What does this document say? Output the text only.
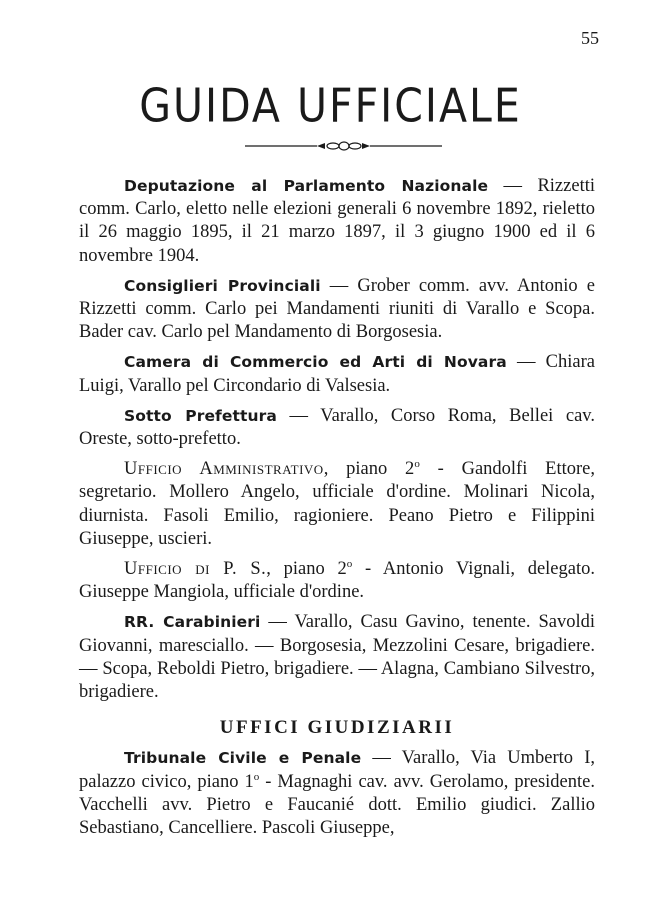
55
GUIDA UFFICIALE

Deputazione al Parlamento Nazionale — Rizzetti comm. Carlo, eletto nelle elezioni generali 6 novembre 1892, rieletto il 26 maggio 1895, il 21 marzo 1897, il 3 giugno 1900 ed il 6 novembre 1904.

Consiglieri Provinciali — Grober comm. avv. Antonio e Rizzetti comm. Carlo pei Mandamenti riuniti di Varallo e Scopa. Bader cav. Carlo pel Mandamento di Borgosesia.

Camera di Commercio ed Arti di Novara — Chiara Luigi, Varallo pel Circondario di Valsesia.

Sotto Prefettura — Varallo, Corso Roma, Bellei cav. Oreste, sotto-prefetto.

Ufficio Amministrativo, piano 2$^o$ - Gandolfi Ettore, segretario. Mollero Angelo, ufficiale d'ordine. Molinari Nicola, diurnista. Fasoli Emilio, ragioniere. Peano Pietro e Filippini Giuseppe, uscieri.

Ufficio di P. S., piano 2$^o$ - Antonio Vignali, delegato. Giuseppe Mangiola, ufficiale d'ordine.

RR. Carabinieri — Varallo, Casu Gavino, tenente. Savoldi Giovanni, maresciallo. — Borgosesia, Mezzolini Cesare, brigadiere. — Scopa, Reboldi Pietro, brigadiere. — Alagna, Cambiano Silvestro, brigadiere.

UFFICI GIUDIZIARII

Tribunale Civile e Penale — Varallo, Via Umberto I, palazzo civico, piano 1$^o$ - Magnaghi cav. avv. Gerolamo, presidente. Vacchelli avv. Pietro e Faucanié dott. Emilio giudici. Zallio Sebastiano, Cancelliere. Pascoli Giuseppe,
